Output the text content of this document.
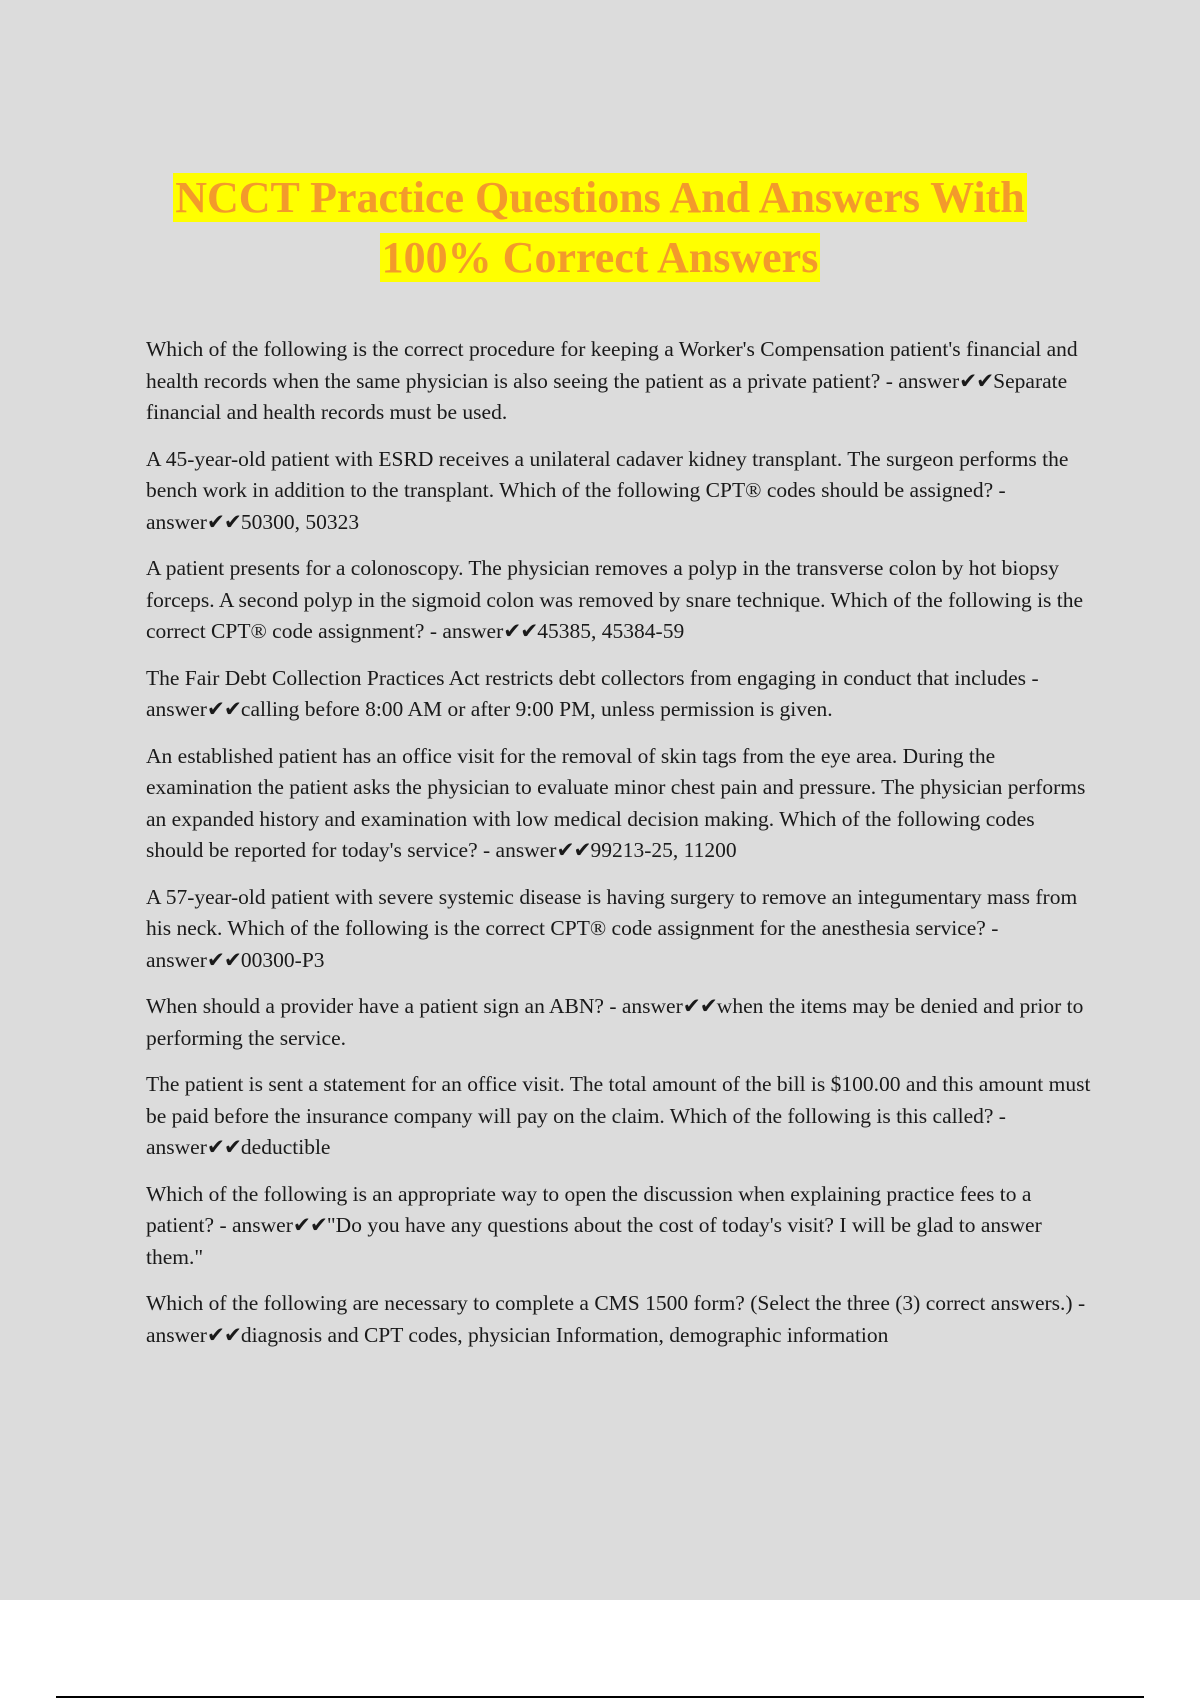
NCCT Practice Questions And Answers With
100% Correct Answers

Which of the following is the correct procedure for keeping a Worker's Compensation patient's financial and health records when the same physician is also seeing the patient as a private patient? - answer✔✔Separate financial and health records must be used.

A 45-year-old patient with ESRD receives a unilateral cadaver kidney transplant. The surgeon performs the bench work in addition to the transplant. Which of the following CPT® codes should be assigned? - answer✔✔50300, 50323

A patient presents for a colonoscopy. The physician removes a polyp in the transverse colon by hot biopsy forceps. A second polyp in the sigmoid colon was removed by snare technique. Which of the following is the correct CPT® code assignment? - answer✔✔45385, 45384-59

The Fair Debt Collection Practices Act restricts debt collectors from engaging in conduct that includes - answer✔✔calling before 8:00 AM or after 9:00 PM, unless permission is given.

An established patient has an office visit for the removal of skin tags from the eye area. During the examination the patient asks the physician to evaluate minor chest pain and pressure. The physician performs an expanded history and examination with low medical decision making. Which of the following codes should be reported for today's service? - answer✔✔99213-25, 11200

A 57-year-old patient with severe systemic disease is having surgery to remove an integumentary mass from his neck. Which of the following is the correct CPT® code assignment for the anesthesia service? - answer✔✔00300-P3

When should a provider have a patient sign an ABN? - answer✔✔when the items may be denied and prior to performing the service.

The patient is sent a statement for an office visit. The total amount of the bill is $100.00 and this amount must be paid before the insurance company will pay on the claim. Which of the following is this called? - answer✔✔deductible

Which of the following is an appropriate way to open the discussion when explaining practice fees to a patient? - answer✔✔"Do you have any questions about the cost of today's visit? I will be glad to answer them."

Which of the following are necessary to complete a CMS 1500 form? (Select the three (3) correct answers.) - answer✔✔diagnosis and CPT codes, physician Information, demographic information
